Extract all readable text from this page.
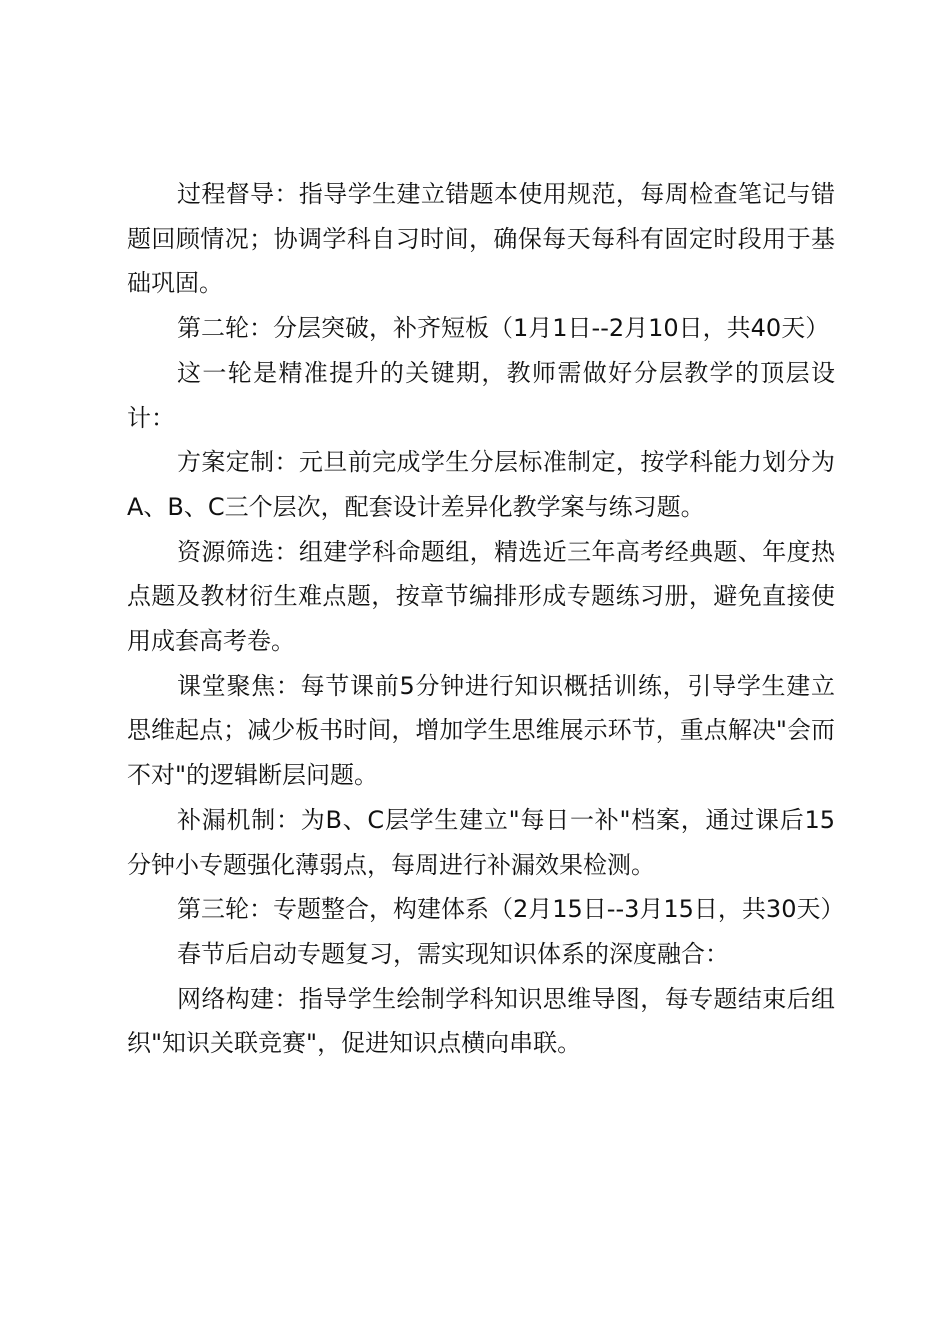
过程督导：指导学生建立错题本使用规范，每周检查笔记与错题回顾情况；协调学科自习时间，确保每天每科有固定时段用于基础巩固。

第二轮：分层突破，补齐短板（1月1日--2月10日，共40天）

这一轮是精准提升的关键期，教师需做好分层教学的顶层设计：

方案定制：元旦前完成学生分层标准制定，按学科能力划分为A、B、C三个层次，配套设计差异化教学案与练习题。

资源筛选：组建学科命题组，精选近三年高考经典题、年度热点题及教材衍生难点题，按章节编排形成专题练习册，避免直接使用成套高考卷。

课堂聚焦：每节课前5分钟进行知识概括训练，引导学生建立思维起点；减少板书时间，增加学生思维展示环节，重点解决"会而不对"的逻辑断层问题。

补漏机制：为B、C层学生建立"每日一补"档案，通过课后15分钟小专题强化薄弱点，每周进行补漏效果检测。

第三轮：专题整合，构建体系（2月15日--3月15日，共30天）

春节后启动专题复习，需实现知识体系的深度融合：

网络构建：指导学生绘制学科知识思维导图，每专题结束后组织"知识关联竞赛"，促进知识点横向串联。
